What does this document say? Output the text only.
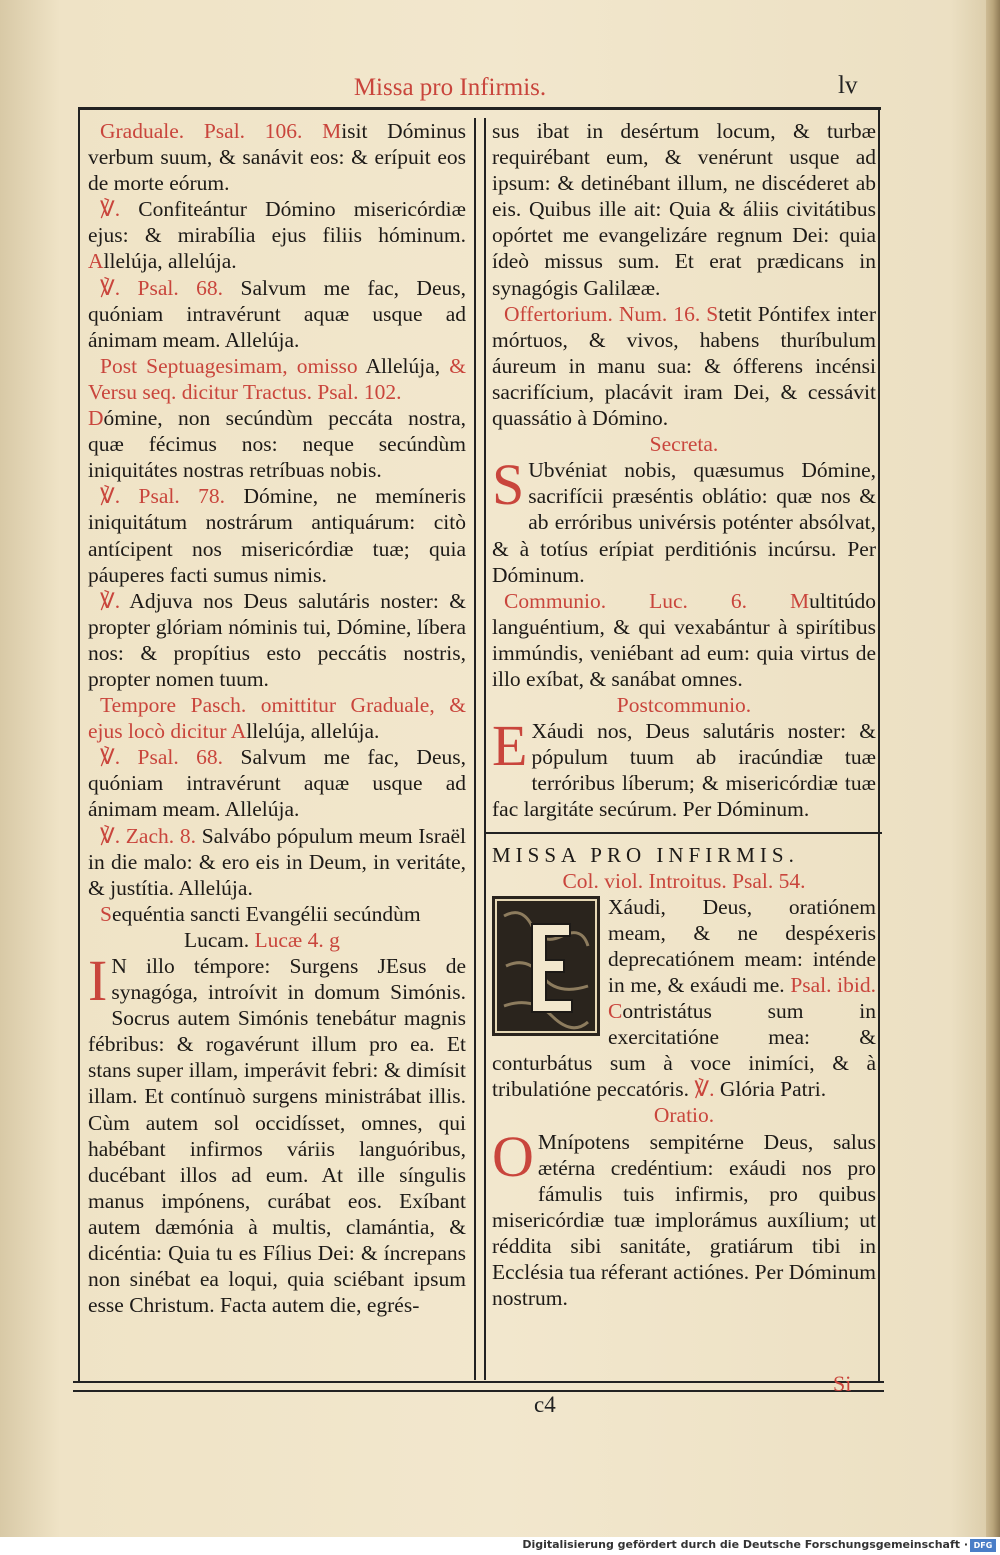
Missa pro Infirmis.	lv

Graduale. Psal. 106. Misit Dóminus verbum suum, & sanávit eos: & erípuit eos de morte eórum.

℣. Confiteántur Dómino misericórdiæ ejus: & mirabília ejus filiis hóminum. Allelúja, allelúja.

℣. Psal. 68. Salvum me fac, Deus, quóniam intravérunt aquæ usque ad ánimam meam. Allelúja.

Post Septuagesimam, omisso Allelúja, & Versu seq. dicitur Tractus. Psal. 102.

Dómine, non secúndùm peccáta nostra, quæ fécimus nos: neque secúndùm iniquitátes nostras retríbuas nobis.

℣. Psal. 78. Dómine, ne memíneris iniquitátum nostrárum antiquárum: citò antícipent nos misericórdiæ tuæ; quia páuperes facti sumus nimis.

℣. Adjuva nos Deus salutáris noster: & propter glóriam nóminis tui, Dómine, líbera nos: & propítius esto peccátis nostris, propter nomen tuum.

Tempore Pasch. omittitur Graduale, & ejus locò dicitur Allelúja, allelúja.

℣. Psal. 68. Salvum me fac, Deus, quóniam intravérunt aquæ usque ad ánimam meam. Allelúja.

℣. Zach. 8. Salvábo pópulum meum Israël in die malo: & ero eis in Deum, in veritáte, & justítia. Allelúja.

Sequéntia sancti Evangélii secúndùm

Lucam. Lucæ 4. g

I N illo témpore: Surgens JEsus de synagóga, introívit in domum Simónis. Socrus autem Simónis tenebátur magnis fébribus: & rogavérunt illum pro ea. Et stans super illam, imperávit febri: & dimísit illam. Et contínuò surgens ministrábat illis. Cùm autem sol occidísset, omnes, qui habébant infirmos váriis languóribus, ducébant illos ad eum. At ille síngulis manus impónens, curábat eos. Exíbant autem dæmónia à multis, clamántia, & dicéntia: Quia tu es Fílius Dei: & íncrepans non sinébat ea loqui, quia sciébant ipsum esse Christum. Facta autem die, egrés-

sus ibat in desértum locum, & turbæ requirébant eum, & venérunt usque ad ipsum: & detinébant illum, ne discéderet ab eis. Quibus ille ait: Quia & áliis civitátibus opórtet me evangelizáre regnum Dei: quia ídeò missus sum. Et erat prædicans in synagógis Galilææ.

Offertorium. Num. 16. Stetit Póntifex inter mórtuos, & vivos, habens thuríbulum áureum in manu sua: & ófferens incénsi sacrifícium, placávit iram Dei, & cessávit quassátio à Dómino.

Secreta.

S Ubvéniat nobis, quæsumus Dómine, sacrifícii præséntis oblátio: quæ nos & ab erróribus univérsis poténter absólvat, & à totíus erípiat perditiónis incúrsu. Per Dóminum.

Communio. Luc. 6. Multitúdo languéntium, & qui vexabántur à spirítibus immúndis, veniébant ad eum: quia virtus de illo exíbat, & sanábat omnes.

Postcommunio.

E Xáudi nos, Deus salutáris noster: & pópulum tuum ab iracúndiæ tuæ terróribus líberum; & misericórdiæ tuæ fac largitáte secúrum. Per Dóminum.

MISSA PRO INFIRMIS.

Col. viol. Introitus. Psal. 54.

Xáudi, Deus, oratiónem meam, & ne despéxeris deprecatiónem meam: inténde in me, & exáudi me. Psal. ibid. Contristátus sum in exercitatióne mea: & conturbátus sum à voce inimíci, & à tribulatióne peccatóris. ℣. Glória Patri.

Oratio.

O Mnípotens sempitérne Deus, salus ætérna credéntium: exáudi nos pro fámulis tuis infirmis, pro quibus misericórdiæ tuæ implorámus auxílium; ut réddita sibi sanitáte, gratiárum tibi in Ecclésia tua réferant actiónes. Per Dóminum nostrum.

Si
c4
Digitalisierung gefördert durch die Deutsche Forschungsgemeinschaft · DFG
